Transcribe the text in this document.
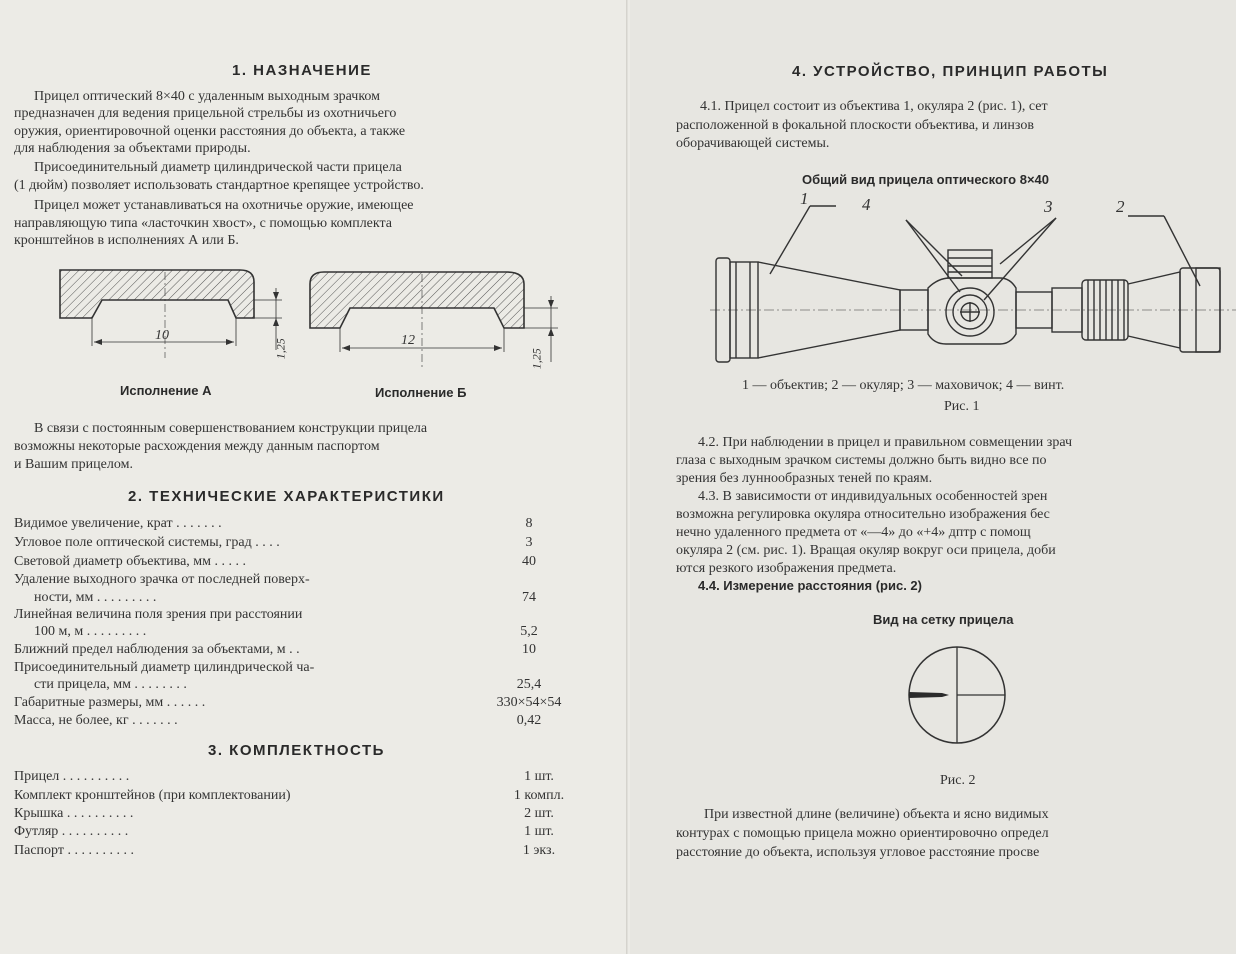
1. НАЗНАЧЕНИЕ
Прицел оптический 8×40 с удаленным выходным зрачком
предназначен для ведения прицельной стрельбы из охотничьего
оружия, ориентировочной оценки расстояния до объекта, а также
для наблюдения за объектами природы.
Присоединительный диаметр цилиндрической части прицела
(1 дюйм) позволяет использовать стандартное крепящее устройство.
Прицел может устанавливаться на охотничье оружие, имеющее
направляющую типа «ласточкин хвост», с помощью комплекта
кронштейнов в исполнениях А или Б.
10
1,25
Исполнение А
12
1,25
Исполнение Б
В связи с постоянным совершенствованием конструкции прицела
возможны некоторые расхождения между данным паспортом
и Вашим прицелом.
2. ТЕХНИЧЕСКИЕ ХАРАКТЕРИСТИКИ
Видимое увеличение, крат . . . . . . .	8
Угловое поле оптической системы, град . . . .	3
Световой диаметр объектива, мм . . . . .	40
Удаление выходного зрачка от последней поверх-
ности, мм . . . . . . . . .	74
Линейная величина поля зрения при расстоянии
100 м, м . . . . . . . . .	5,2
Ближний предел наблюдения за объектами, м . .	10
Присоединительный диаметр цилиндрической ча-
сти прицела, мм . . . . . . . .	25,4
Габаритные размеры, мм . . . . . .	330×54×54
Масса, не более, кг . . . . . . .	0,42
3. КОМПЛЕКТНОСТЬ
Прицел . . . . . . . . . .	1 шт.
Комплект кронштейнов (при комплектовании)	1 компл.
Крышка . . . . . . . . . .	2 шт.
Футляр . . . . . . . . . .	1 шт.
Паспорт . . . . . . . . . .	1 экз.
4. УСТРОЙСТВО, ПРИНЦИП РАБОТЫ
4.1. Прицел состоит из объектива 1, окуляра 2 (рис. 1), сет
расположенной в фокальной плоскости объектива, и линзов
оборачивающей системы.
Общий вид прицела оптического 8×40
1	4	3	2
1 — объектив; 2 — окуляр; 3 — маховичок; 4 — винт.
Рис. 1
4.2. При наблюдении в прицел и правильном совмещении зрач
глаза с выходным зрачком системы должно быть видно все по
зрения без луннообразных теней по краям.
4.3. В зависимости от индивидуальных особенностей зрен
возможна регулировка окуляра относительно изображения бес
нечно удаленного предмета от «—4» до «+4» дптр с помощ
окуляра 2 (см. рис. 1). Вращая окуляр вокруг оси прицела, доби
ются резкого изображения предмета.
4.4. Измерение расстояния (рис. 2)
Вид на сетку прицела
Рис. 2
При известной длине (величине) объекта и ясно видимых
контурах с помощью прицела можно ориентировочно определ
расстояние до объекта, используя угловое расстояние просве
